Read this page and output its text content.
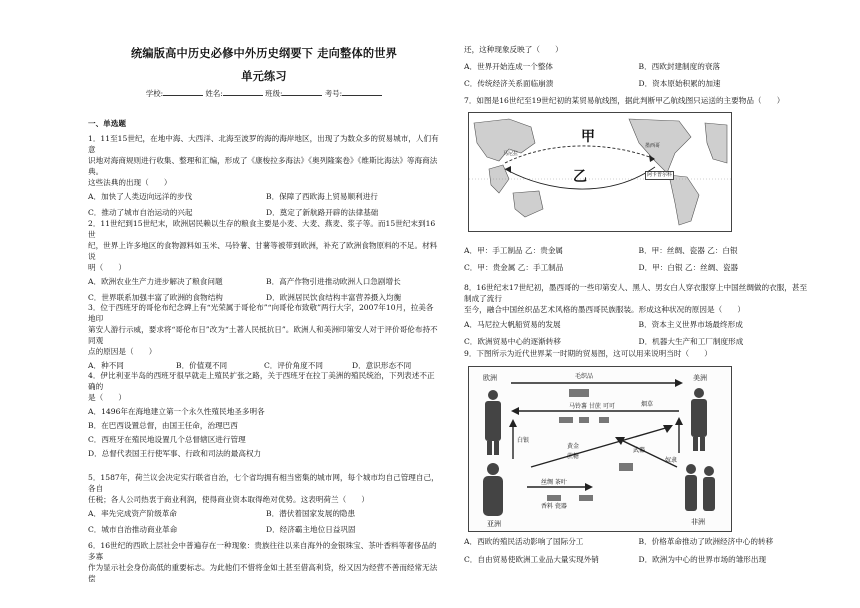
统编版高中历史必修中外历史纲要下 走向整体的世界
单元练习
学校:	姓名:	班级:	考号:
一、单选题

1．11至15世纪，在地中海、大西洋、北海至波罗的海的海岸地区，出现了为数众多的贸易城市，人们有意

识地对海商规则进行收集、整理和汇编，形成了《康梭拉多海法》《奥列隆案卷》《维斯比海法》等海商法典。

这些法典的出现（　　）

A．加快了人类迈向远洋的步伐	B．保障了西欧海上贸易顺利进行
C．推动了城市自治运动的兴起	D．奠定了新航路开辟的法律基础

2．11世纪到15世纪末，欧洲居民赖以生存的粮食主要是小麦、大麦、燕麦、浆子等。而15世纪末到16世

纪，世界上许多地区的食物源料如玉米、马铃薯、甘薯等被带到欧洲，补充了欧洲食物原料的不足。材料说

明（　　）

A．欧洲农业生产力进步解决了粮食问题	B．高产作物引进推动欧洲人口急剧增长
C．世界联系加强丰富了欧洲的食物结构	D．欧洲居民饮食结构丰富营养摄入均衡

3．位于西班牙的哥伦布纪念碑上有“光荣属于哥伦布”“向哥伦布致敬”两行大字，2007年10月，拉美各地印

第安人游行示威，要求将“哥伦布日”改为“土著人民抵抗日”。欧洲人和美洲印第安人对于评价哥伦布持不同观

点的原因是（　　）

A．种不同	B．价值观不同	C．评价角度不同	D．意识形态不同

4．伊比利亚半岛的西班牙很早就走上殖民扩张之路，关于西班牙在拉丁美洲的殖民统治，下列表述不正确的

是（　　）

A．1496年在海地建立第一个永久性殖民地圣多明各

B．在巴西设置总督，由国王任命，治理巴西

C．西班牙在殖民地设置几个总督辖区进行管理

D．总督代表国王行使军事、行政和司法的最高权力

5．1587年，荷兰议会决定实行联省自治，七个省均拥有相当密集的城市网，每个城市均自己管理自己，各自

任税；各人公司热衷于商业利润，使得商业资本取得绝对优势。这表明荷兰（　　）

A．率先完成资产阶级革命	B．潜伏着国家发展的隐患
C．城市自治推动商业革命	D．经济霸主地位日益巩固

6．16世纪的西欧上层社会中普遍存在一种现象：贵族往往以来自海外的金银珠宝、茶叶香料等奢侈品的多寡

作为显示社会身份高低的重要标志。为此他们不惜将金如土甚至借高利贷，纷又因为经营不善而经常无法偿

还，这种现象反映了（　　）

A．世界开始连成一个整体	B．西欧封建制度的衰落
C．传统经济关系面临崩溃	D．资本原始积累的加速

7．如图是16世纪至19世纪初的某贸易航线图，据此判断甲乙航线图只运送的主要物品（　　）

甲
乙
马尼拉
墨西哥
阿卡普尔科
A．甲：手工制品 乙：贵金属	B．甲：丝绸、瓷器 乙：白银
C．甲：贵金属 乙：手工制品	D．甲：白银 乙：丝绸、瓷器

8．16世纪末17世纪初，墨西哥的一些印第安人、黑人、男女白人穿衣服穿上中国丝绸做的衣服，甚至制成了流行

至今，融合中国丝织品艺术风格的墨西哥民族服装。形成这种状况的原因是（　　）

A．马尼拉大帆船贸易的发展	B．资本主义世界市场最终形成
C．欧洲贸易中心的逐渐转移	D．机器大生产和工厂制度形成

9．下图所示为近代世界某一时期的贸易图，这可以用来说明当时（　　）

欧洲	美洲
亚洲	非洲
毛织品
烟草
马铃薯 甘蔗 可可
白银
黄金
武器
蔗糖
丝绸 茶叶
香料 瓷器
奴隶
A．西欧的殖民活动影响了国际分工	B．价格革命推动了欧洲经济中心的转移
C．自由贸易使欧洲工业品大量实现外销	D．欧洲为中心的世界市场的雏形出现
